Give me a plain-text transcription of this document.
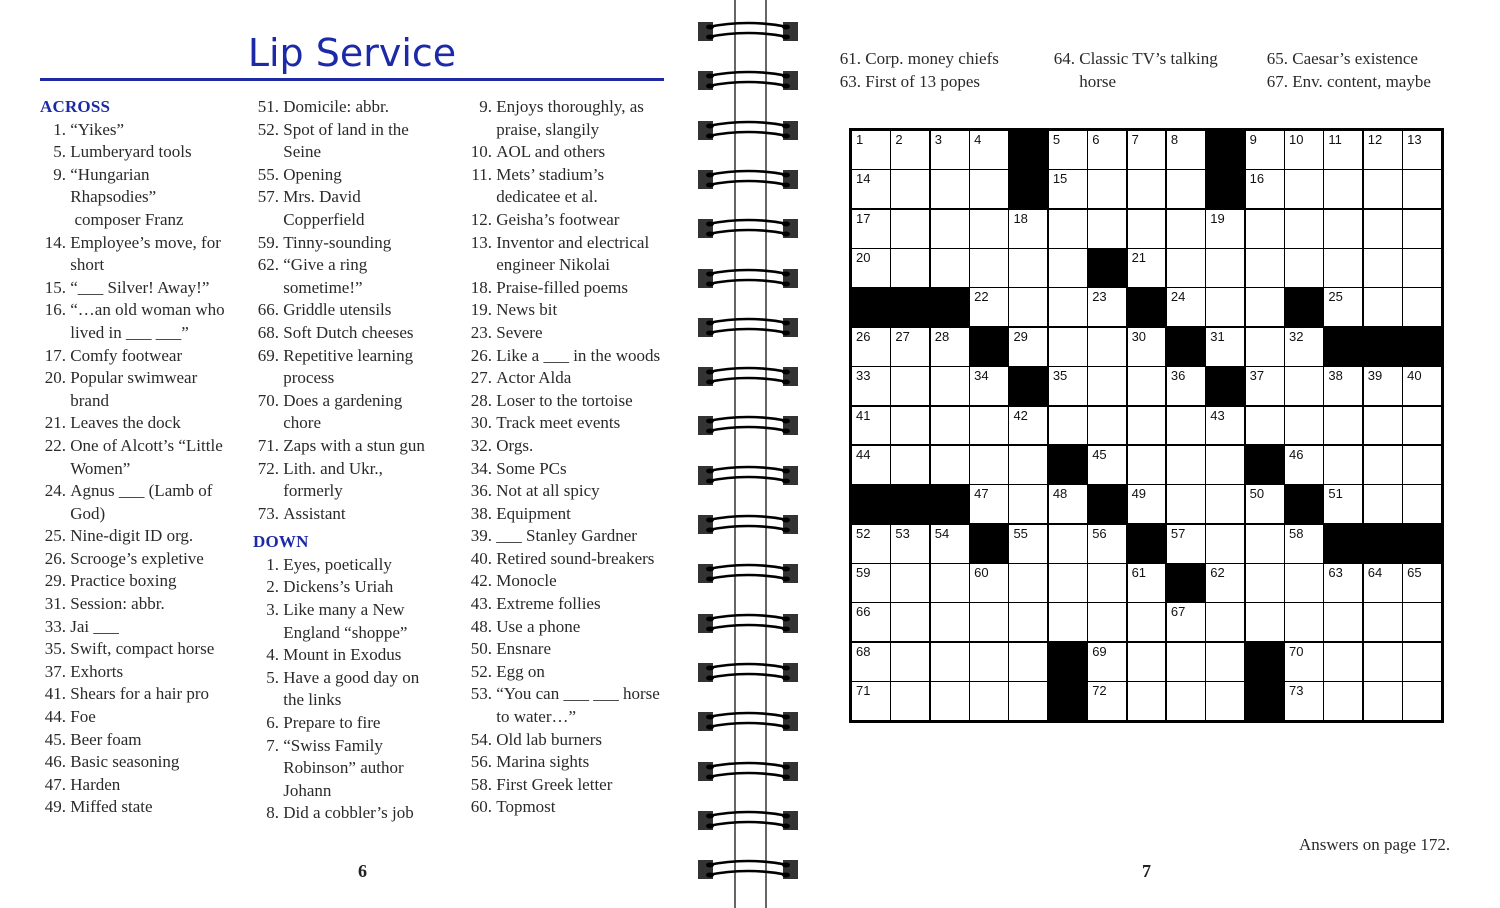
Lip Service
ACROSS
1. “Yikes”
5. Lumberyard tools
9. “Hungarian
Rhapsodies”
composer Franz
14. Employee’s move, for
short
15. “___ Silver! Away!”
16. “…an old woman who
lived in ___ ___”
17. Comfy footwear
20. Popular swimwear
brand
21. Leaves the dock
22. One of Alcott’s “Little
Women”
24. Agnus ___ (Lamb of
God)
25. Nine-digit ID org.
26. Scrooge’s expletive
29. Practice boxing
31. Session: abbr.
33. Jai ___
35. Swift, compact horse
37. Exhorts
41. Shears for a hair pro
44. Foe
45. Beer foam
46. Basic seasoning
47. Harden
49. Miffed state
51. Domicile: abbr.
52. Spot of land in the
Seine
55. Opening
57. Mrs. David
Copperfield
59. Tinny-sounding
62. “Give a ring
sometime!”
66. Griddle utensils
68. Soft Dutch cheeses
69. Repetitive learning
process
70. Does a gardening
chore
71. Zaps with a stun gun
72. Lith. and Ukr.,
formerly
73. Assistant
DOWN
1. Eyes, poetically
2. Dickens’s Uriah
3. Like many a New
England “shoppe”
4. Mount in Exodus
5. Have a good day on
the links
6. Prepare to fire
7. “Swiss Family
Robinson” author
Johann
8. Did a cobbler’s job
9. Enjoys thoroughly, as
praise, slangily
10. AOL and others
11. Mets’ stadium’s
dedicatee et al.
12. Geisha’s footwear
13. Inventor and electrical
engineer Nikolai
18. Praise-filled poems
19. News bit
23. Severe
26. Like a ___ in the woods
27. Actor Alda
28. Loser to the tortoise
30. Track meet events
32. Orgs.
34. Some PCs
36. Not at all spicy
38. Equipment
39. ___ Stanley Gardner
40. Retired sound-breakers
42. Monocle
43. Extreme follies
48. Use a phone
50. Ensnare
52. Egg on
53. “You can ___ ___ horse
to water…”
54. Old lab burners
56. Marina sights
58. First Greek letter
60. Topmost
6
61. Corp. money chiefs
63. First of 13 popes
64. Classic TV’s talking
horse
65. Caesar’s existence
67. Env. content, maybe
1 2 3 4	5 6 7 8	9 10 11 12 13
14	15	16
17	18	19
20	21
22	23	24	25
26 27 28	29	30	31	32
33	34	35	36	37	38 39 40
41	42	43
44	45	46
47	48	49	50	51
52 53 54	55	56	57	58
59	60	61	62	63 64 65
66	67
68	69	70
71	72	73
Answers on page 172.
7
